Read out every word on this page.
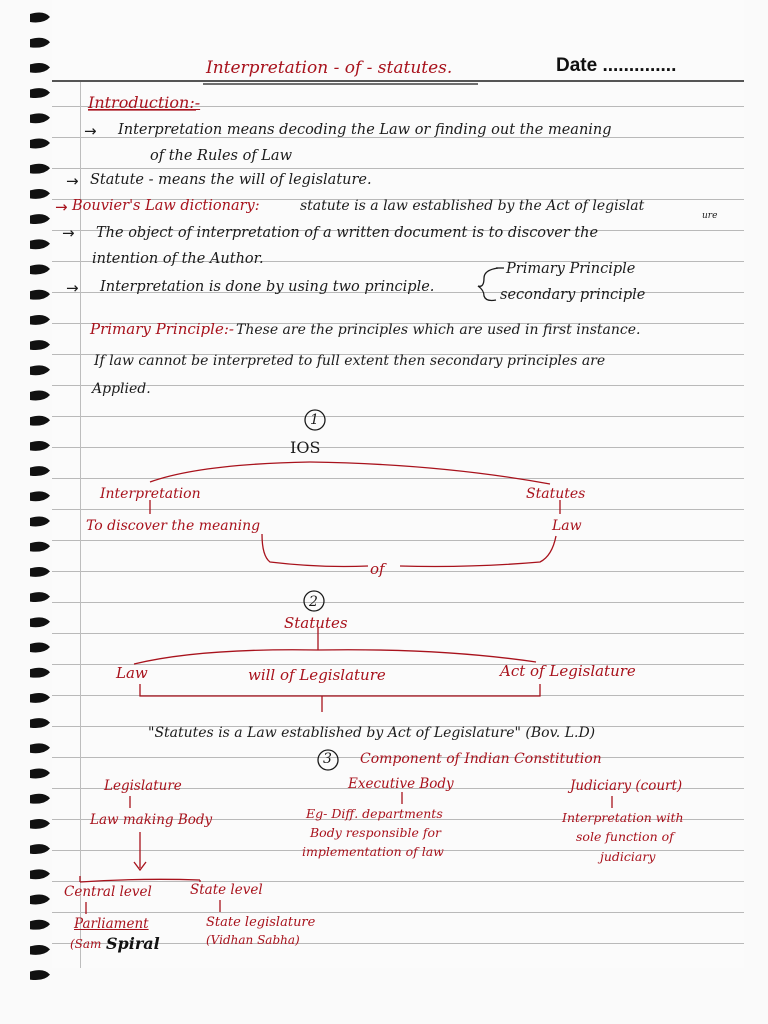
Interpretation - of - statutes.	Date ..............
Introduction:-
→ Interpretation means decoding the Law or finding out the meaning
of the Rules of Law
→ Statute - means the will of legislature.
→ Bouvier's Law dictionary:	statute is a law established by the Act of legislat
ure
→ The object of interpretation of a written document is to discover the
intention of the Author.
→ Interpretation is done by using two principle.
Primary Principle
secondary principle
Primary Principle:- These are the principles which are used in first instance.
If law cannot be interpreted to full extent then secondary principles are
Applied.
1
IOS
Interpretation
To discover the meaning
Statutes
Law
of
2
Statutes
Law	will of Legislature	Act of Legislature
"Statutes is a Law established by Act of Legislature" (Bov. L.D)
3 Component of Indian Constitution
Legislature
Law making Body
Executive Body
Eg- Diff. departments
Body responsible for
implementation of law
Judiciary (court)
Interpretation with
sole function of
judiciary
Central level
Parliament
(Sam
State level
State legislature
(Vidhan Sabha)
Spiral
